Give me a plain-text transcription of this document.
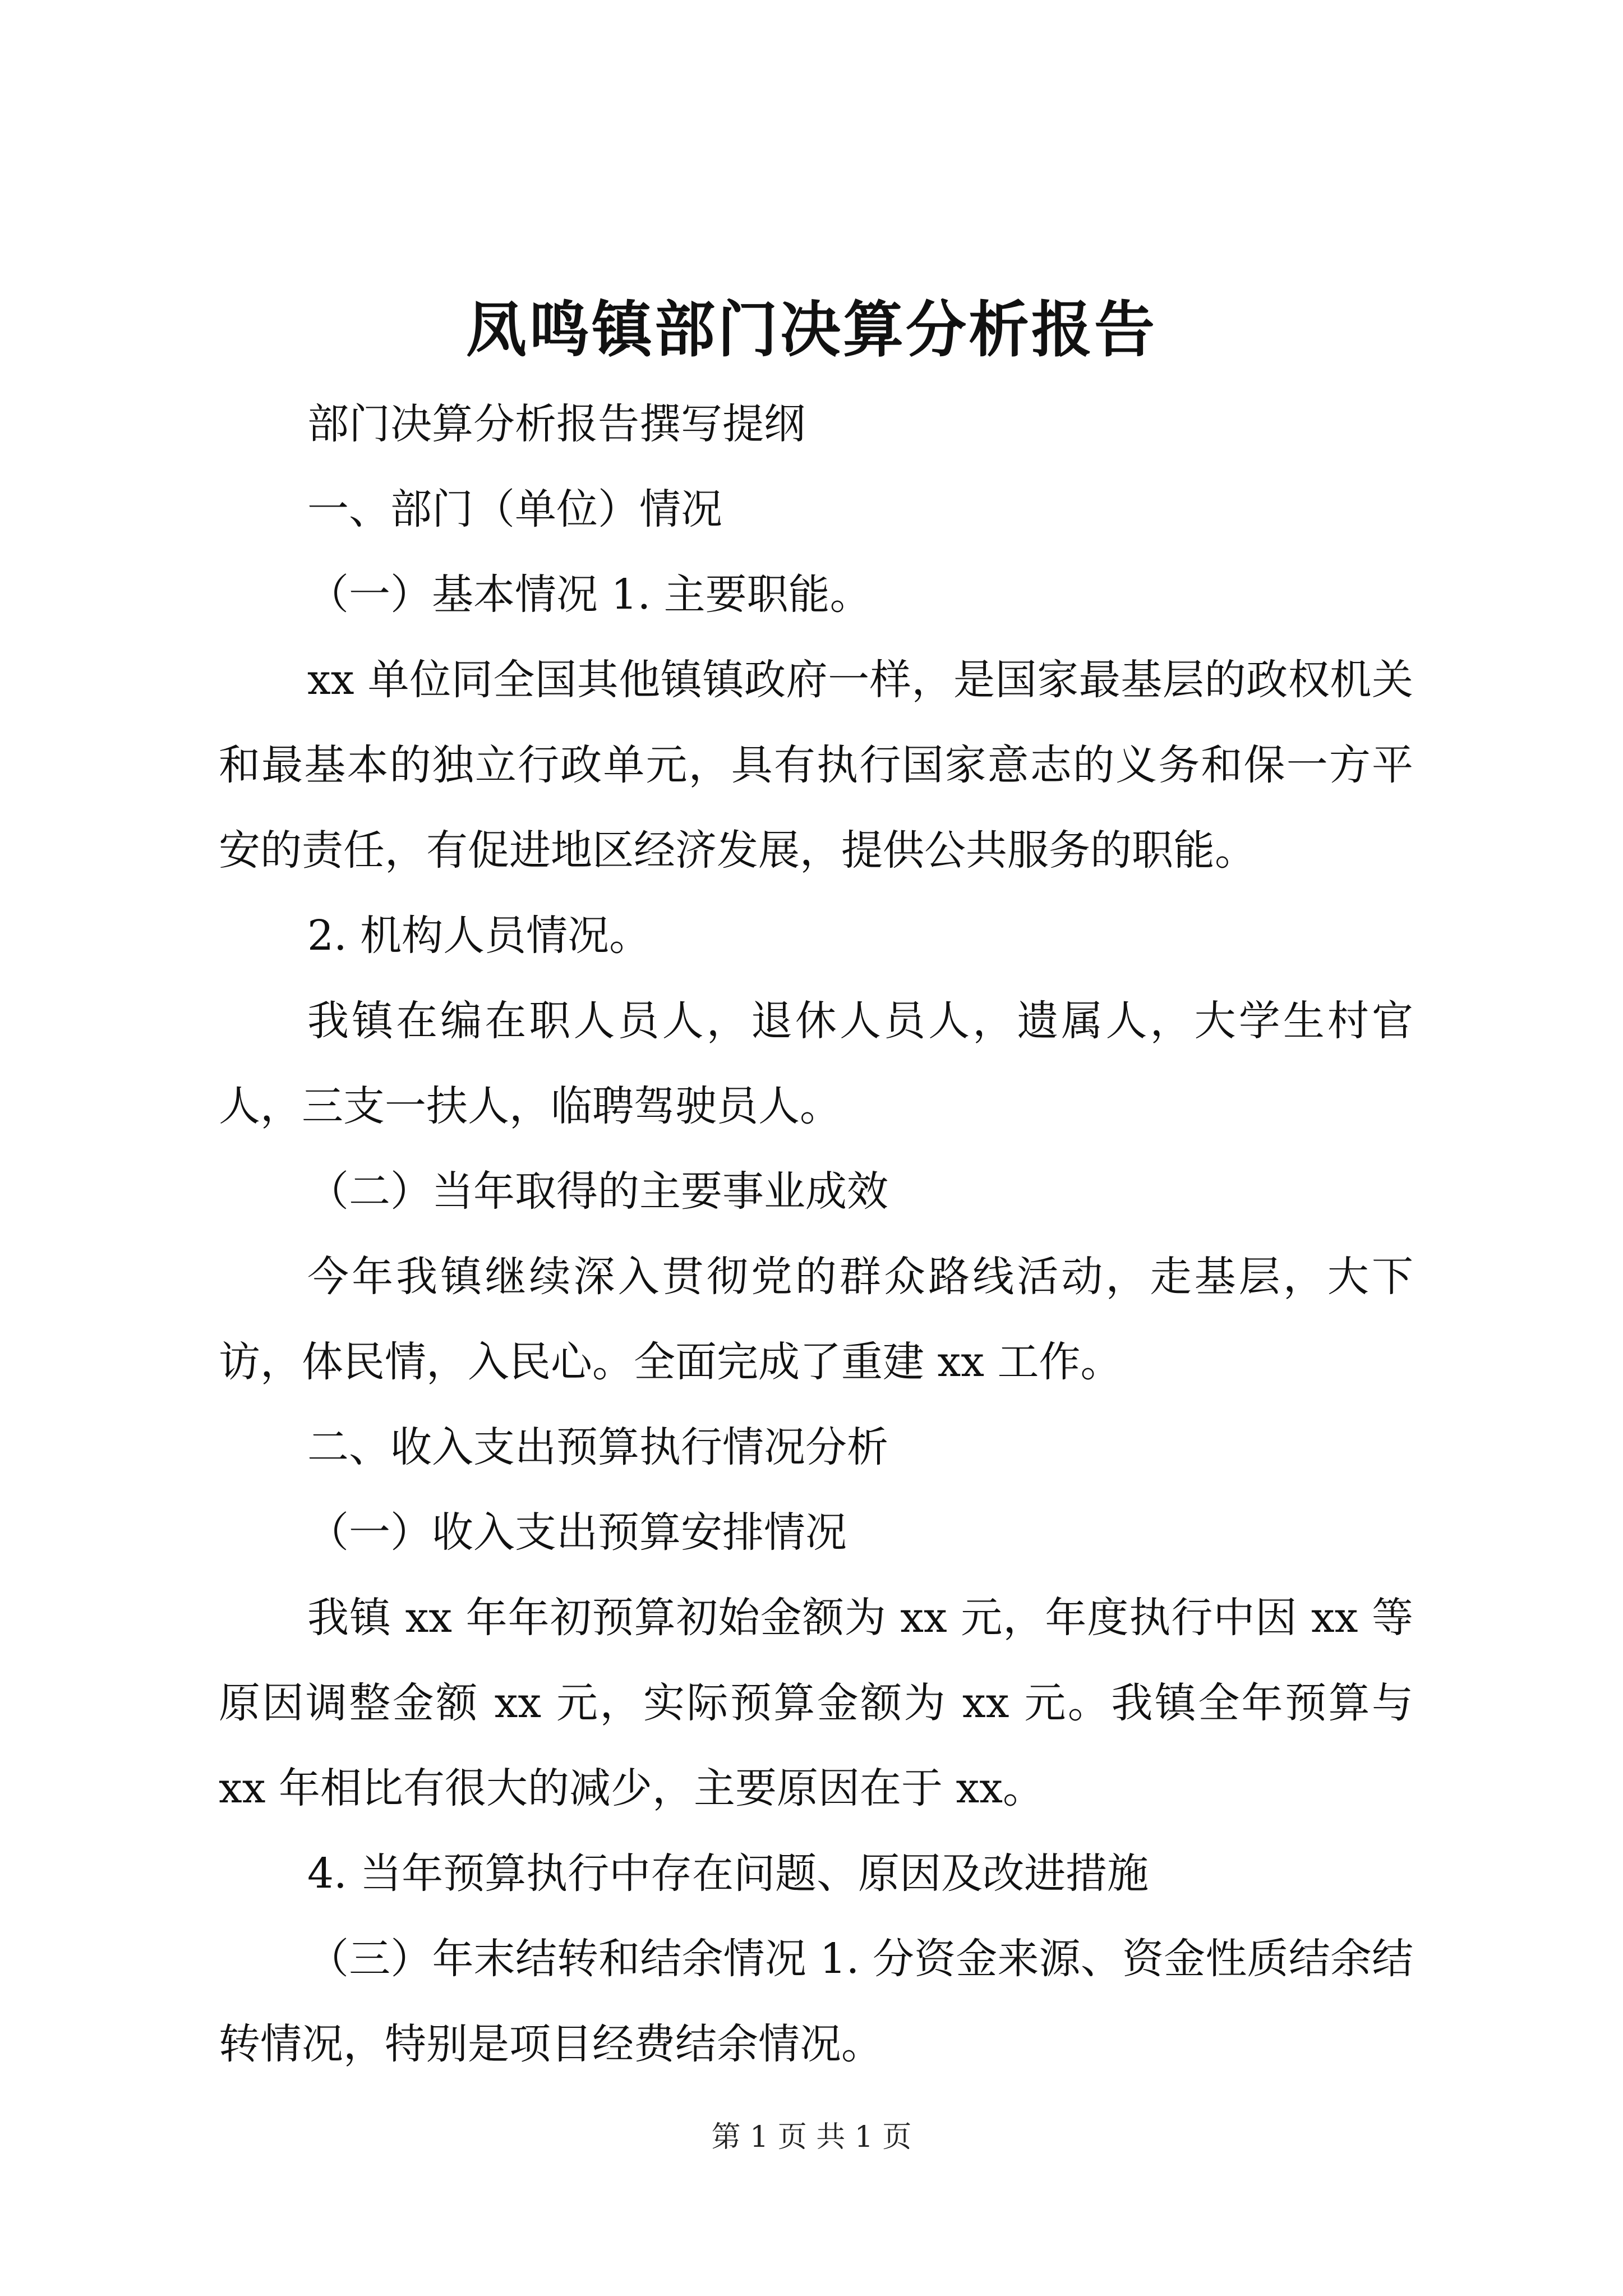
凤鸣镇部门决算分析报告

部门决算分析报告撰写提纲

一、部门（单位）情况

（一）基本情况 1. 主要职能。

xx 单位同全国其他镇镇政府一样，是国家最基层的政权机关和最基本的独立行政单元，具有执行国家意志的义务和保一方平安的责任，有促进地区经济发展，提供公共服务的职能。

2. 机构人员情况。

我镇在编在职人员人，退休人员人，遗属人，大学生村官人，三支一扶人，临聘驾驶员人。

（二）当年取得的主要事业成效

今年我镇继续深入贯彻党的群众路线活动，走基层，大下访，体民情，入民心。全面完成了重建 xx 工作。

二、收入支出预算执行情况分析

（一）收入支出预算安排情况

我镇 xx 年年初预算初始金额为 xx 元，年度执行中因 xx 等原因调整金额 xx 元，实际预算金额为 xx 元。我镇全年预算与 xx 年相比有很大的减少，主要原因在于 xx。

4. 当年预算执行中存在问题、原因及改进措施

（三）年末结转和结余情况 1. 分资金来源、资金性质结余结转情况，特别是项目经费结余情况。

第 1 页 共 1 页
